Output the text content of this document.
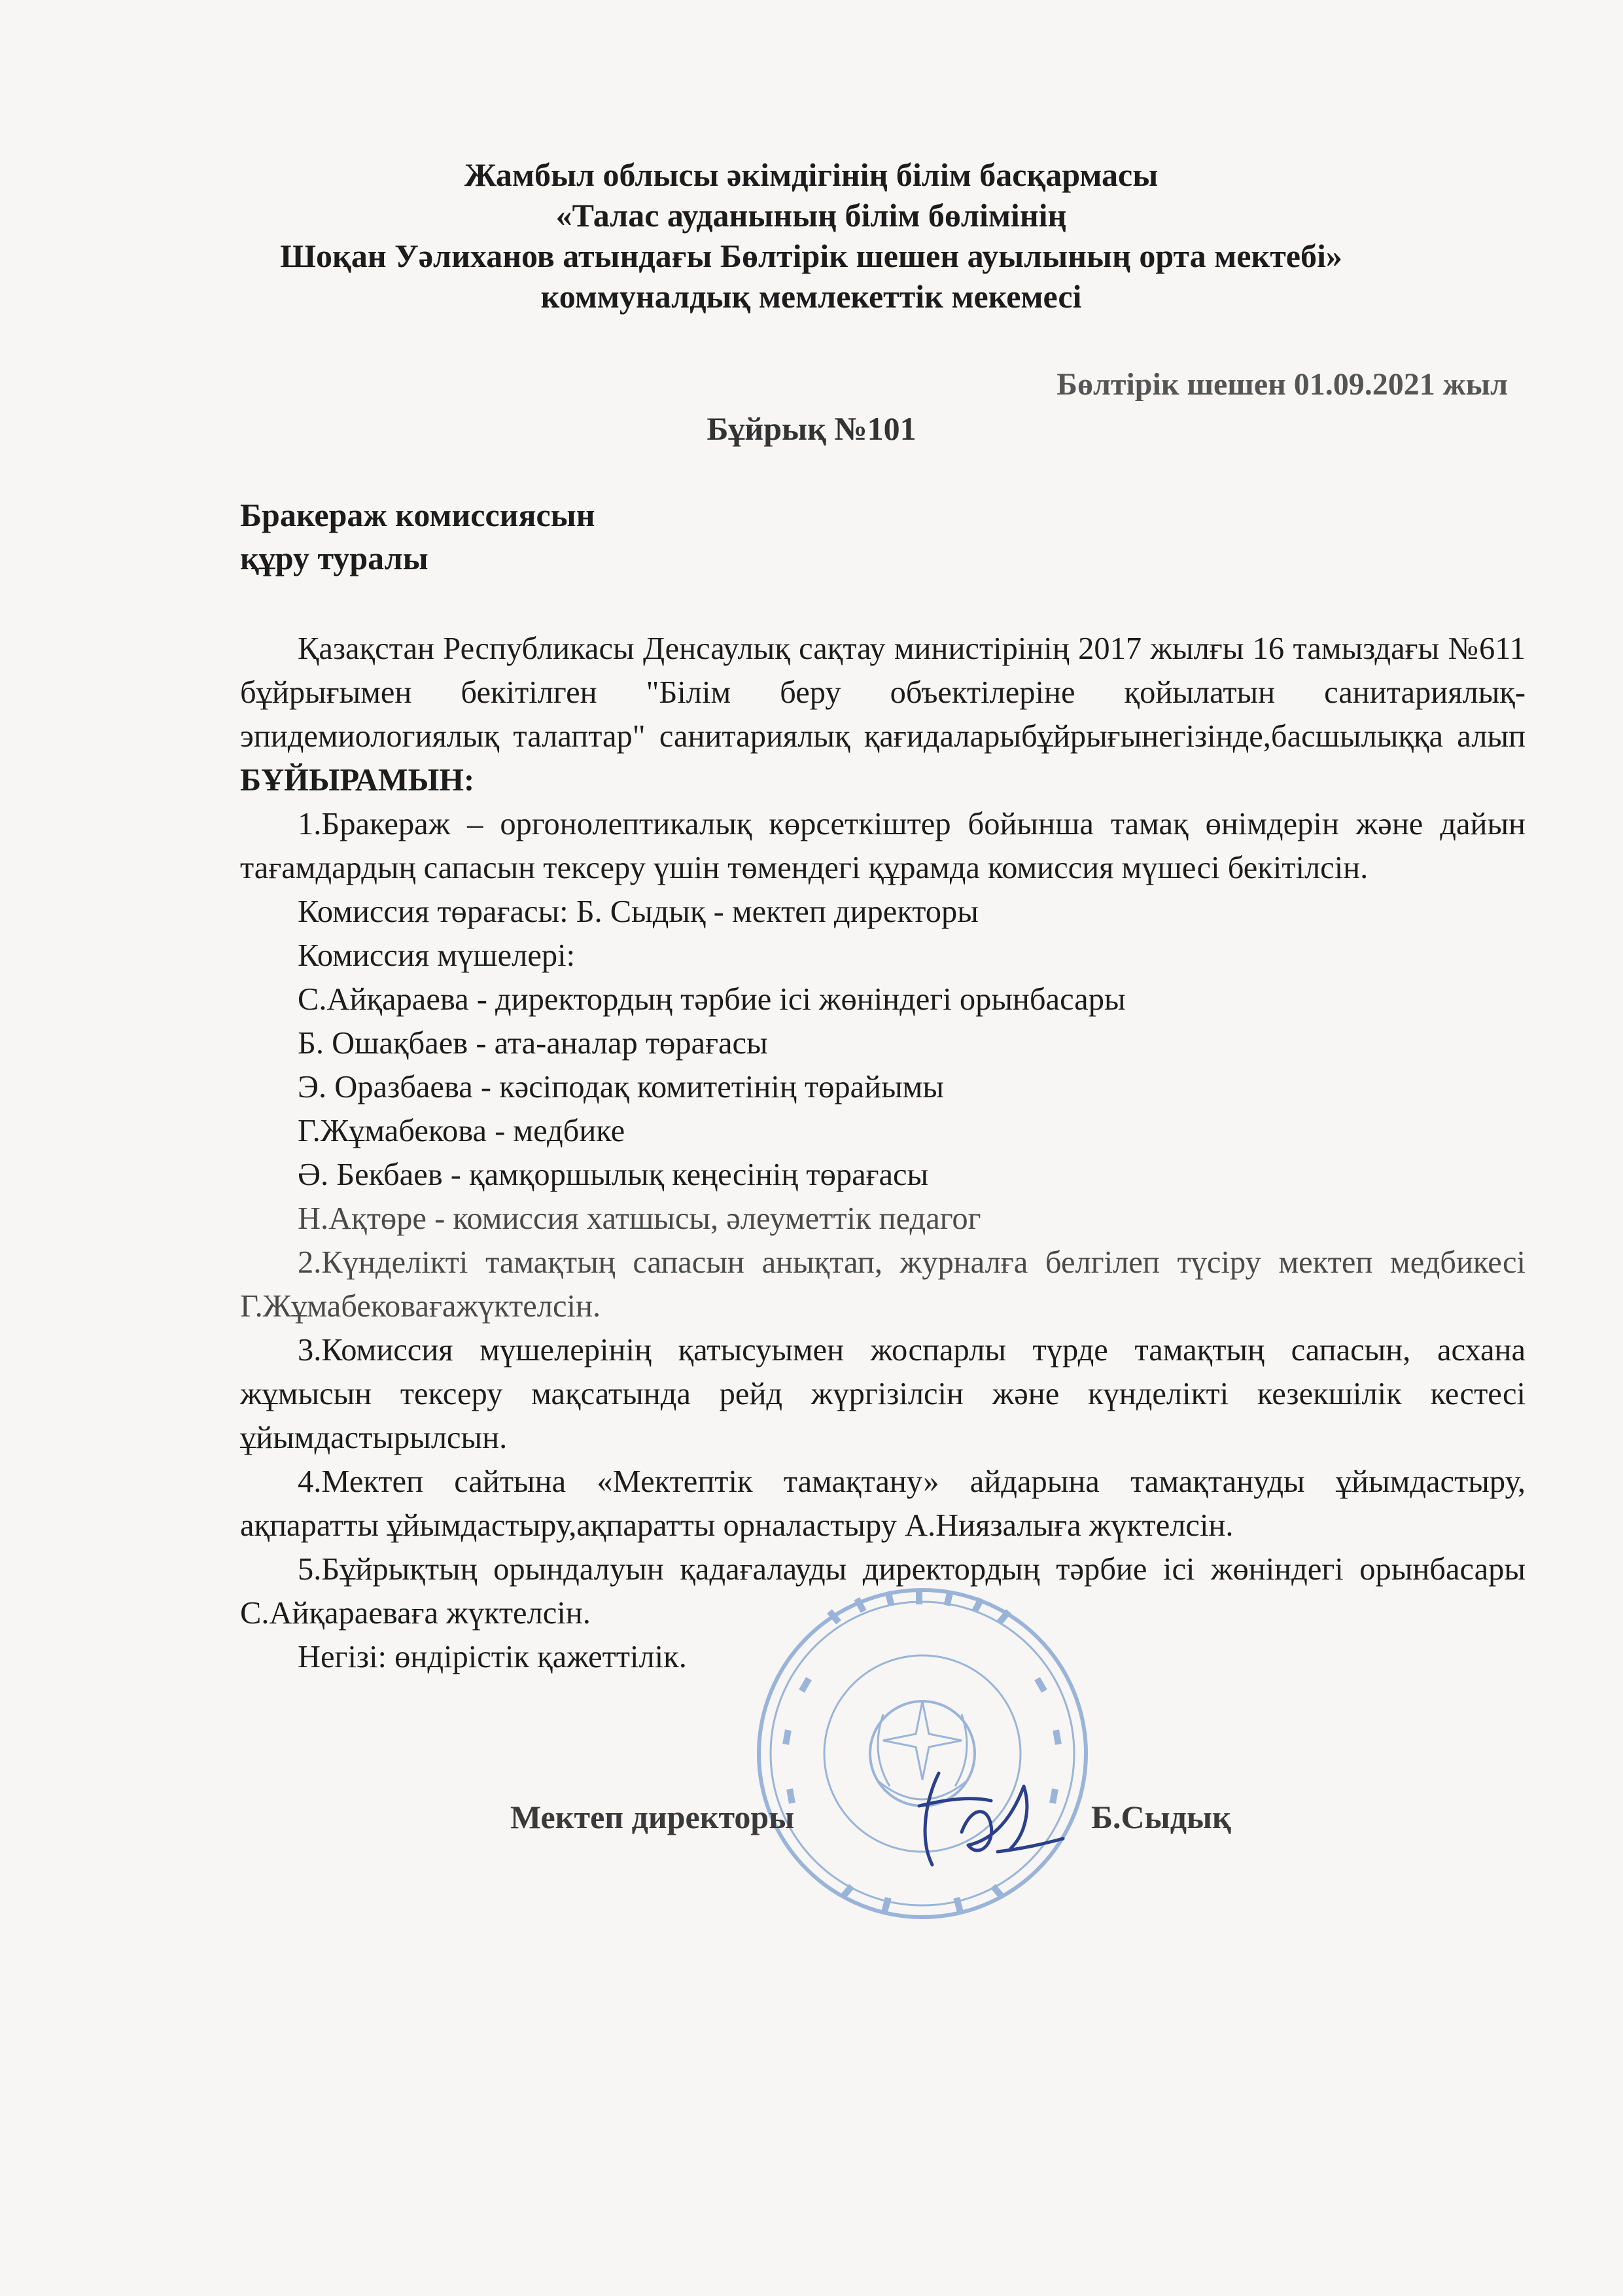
Жамбыл облысы әкімдігінің білім басқармасы
«Талас ауданының білім бөлімінің
Шоқан Уәлиханов атындағы Бөлтірік шешен ауылының орта мектебі»
коммуналдық мемлекеттік мекемесі
Бөлтірік шешен 01.09.2021 жыл
Бұйрық №101
Бракераж комиссиясын
құру туралы

Қазақстан Республикасы Денсаулық сақтау министірінің 2017 жылғы 16 тамыздағы №611 бұйрығымен бекітілген "Білім беру объектілеріне қойылатын санитариялық-эпидемиологиялық талаптар" санитариялық қағидаларыбұйрығынегізінде,басшылыққа алып БҰЙЫРАМЫН:

1.Бракераж – оргонолептикалық көрсеткіштер бойынша тамақ өнімдерін және дайын тағамдардың сапасын тексеру үшін төмендегі құрамда комиссия мүшесі бекітілсін.

Комиссия төрағасы: Б. Сыдық - мектеп директоры

Комиссия мүшелері:

С.Айқараева - директордың тәрбие ісі жөніндегі орынбасары

Б. Ошақбаев - ата-аналар төрағасы

Э. Оразбаева - кәсіподақ комитетінің төрайымы

Г.Жұмабекова - медбике

Ә. Бекбаев - қамқоршылық кеңесінің төрағасы

Н.Ақтөре - комиссия хатшысы, әлеуметтік педагог

2.Күнделікті тамақтың сапасын анықтап, журналға белгілеп түсіру мектеп медбикесі Г.Жұмабековағажүктелсін.

3.Комиссия мүшелерінің қатысуымен жоспарлы түрде тамақтың сапасын, асхана жұмысын тексеру мақсатында рейд жүргізілсін және күнделікті кезекшілік кестесі ұйымдастырылсын.

4.Мектеп сайтына «Мектептік тамақтану» айдарына тамақтануды ұйымдастыру, ақпаратты ұйымдастыру,ақпаратты орналастыру А.Ниязалыға жүктелсін.

5.Бұйрықтың орындалуын қадағалауды директордың тәрбие ісі жөніндегі орынбасары С.Айқараеваға жүктелсін.

Негізі: өндірістік қажеттілік.

Мектеп директоры	Б.Сыдық
